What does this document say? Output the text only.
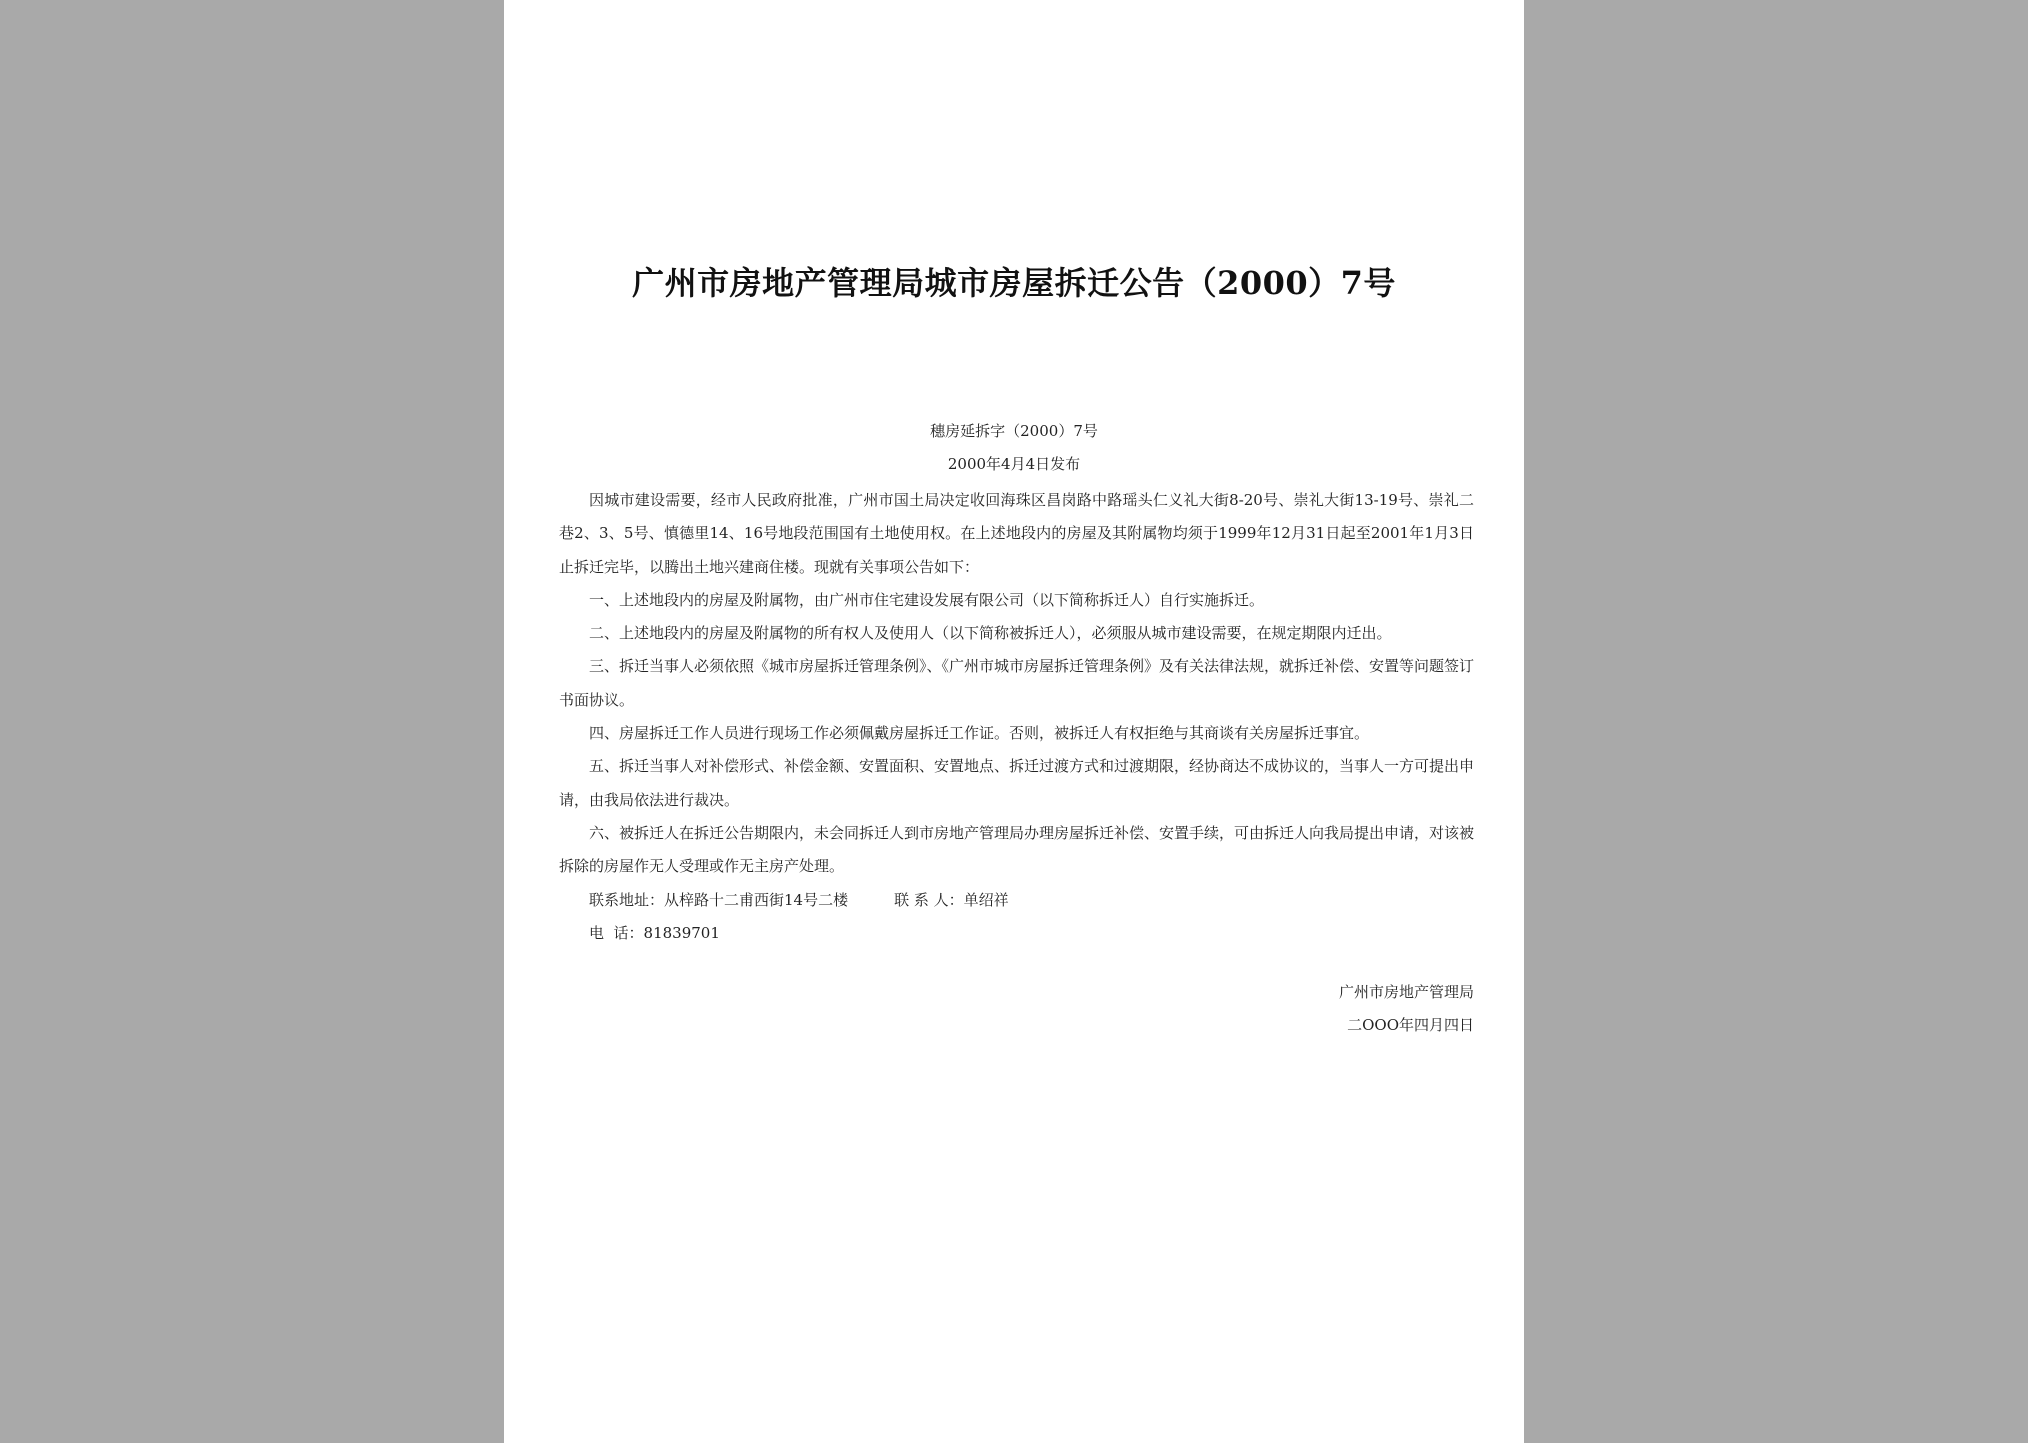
广州市房地产管理局城市房屋拆迁公告（2000）7号
穗房延拆字（2000）7号
2000年4月4日发布

因城市建设需要，经市人民政府批准，广州市国土局决定收回海珠区昌岗路中路瑶头仁义礼大街8-20号、崇礼大街13-19号、崇礼二巷2、3、5号、慎德里14、16号地段范围国有土地使用权。在上述地段内的房屋及其附属物均须于1999年12月31日起至2001年1月3日止拆迁完毕，以腾出土地兴建商住楼。现就有关事项公告如下：

一、上述地段内的房屋及附属物，由广州市住宅建设发展有限公司（以下简称拆迁人）自行实施拆迁。

二、上述地段内的房屋及附属物的所有权人及使用人（以下简称被拆迁人），必须服从城市建设需要，在规定期限内迁出。

三、拆迁当事人必须依照《城市房屋拆迁管理条例》、《广州市城市房屋拆迁管理条例》及有关法律法规，就拆迁补偿、安置等问题签订书面协议。

四、房屋拆迁工作人员进行现场工作必须佩戴房屋拆迁工作证。否则，被拆迁人有权拒绝与其商谈有关房屋拆迁事宜。

五、拆迁当事人对补偿形式、补偿金额、安置面积、安置地点、拆迁过渡方式和过渡期限，经协商达不成协议的，当事人一方可提出申请，由我局依法进行裁决。

六、被拆迁人在拆迁公告期限内，未会同拆迁人到市房地产管理局办理房屋拆迁补偿、安置手续，可由拆迁人向我局提出申请，对该被拆除的房屋作无人受理或作无主房产处理。

联系地址：从梓路十二甫西街14号二楼	联 系 人：单绍祥
电  话：81839701
广州市房地产管理局
二OOO年四月四日
